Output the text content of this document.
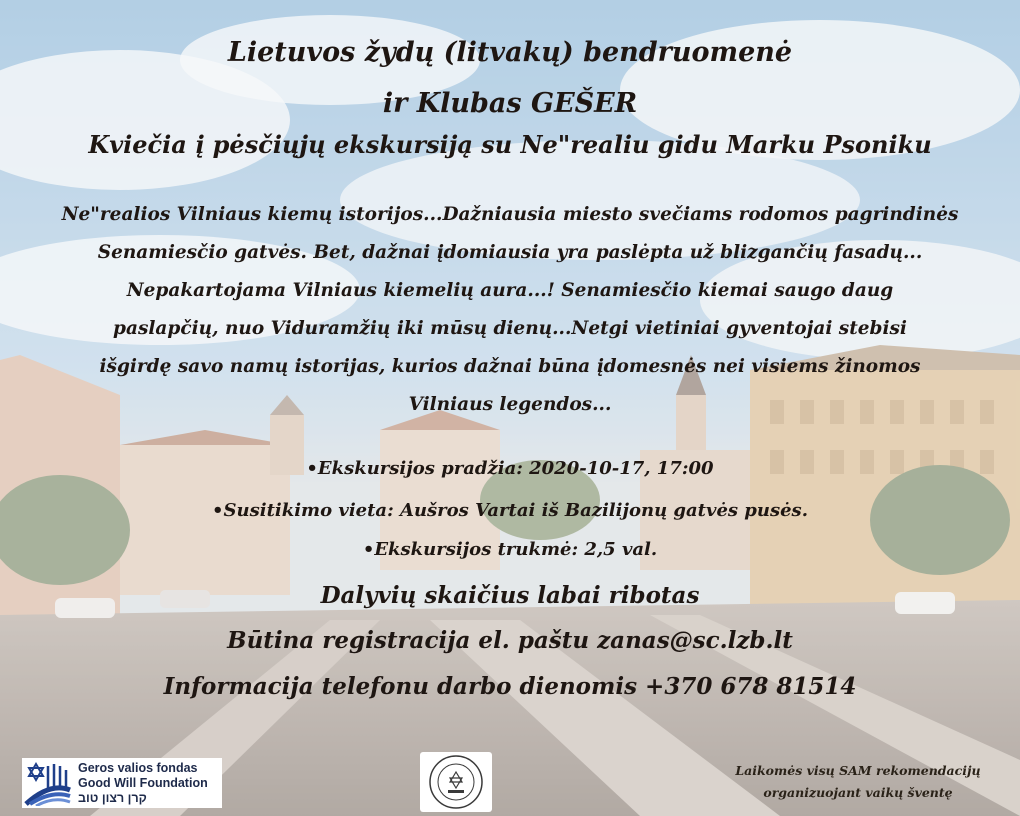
Lietuvos žydų (litvakų) bendruomenė

ir Klubas GEŠER

Kviečia į pėsčiųjų ekskursiją su Ne"realiu gidu Marku Psoniku

Ne"realios Vilniaus kiemų istorijos...Dažniausia miesto svečiams rodomos pagrindinės
Senamiesčio gatvės. Bet, dažnai įdomiausia yra paslėpta už blizgančių fasadų...
Nepakartojama Vilniaus kiemelių aura...! Senamiesčio kiemai saugo daug
paslapčių, nuo Viduramžių iki mūsų dienų...Netgi vietiniai gyventojai stebisi
išgirdę savo namų istorijas, kurios dažnai būna įdomesnės nei visiems žinomos
Vilniaus legendos...

•Ekskursijos pradžia: 2020-10-17, 17:00

•Susitikimo vieta: Aušros Vartai iš Bazilijonų gatvės pusės.

•Ekskursijos trukmė: 2,5 val.

Dalyvių skaičius labai ribotas

Būtina registracija el. paštu zanas@sc.lzb.lt

Informacija telefonu darbo dienomis +370 678 81514

Geros valios fondas
Good Will Foundation
קרן רצון טוב
Laikomės visų SAM rekomendacijų
organizuojant vaikų šventę
